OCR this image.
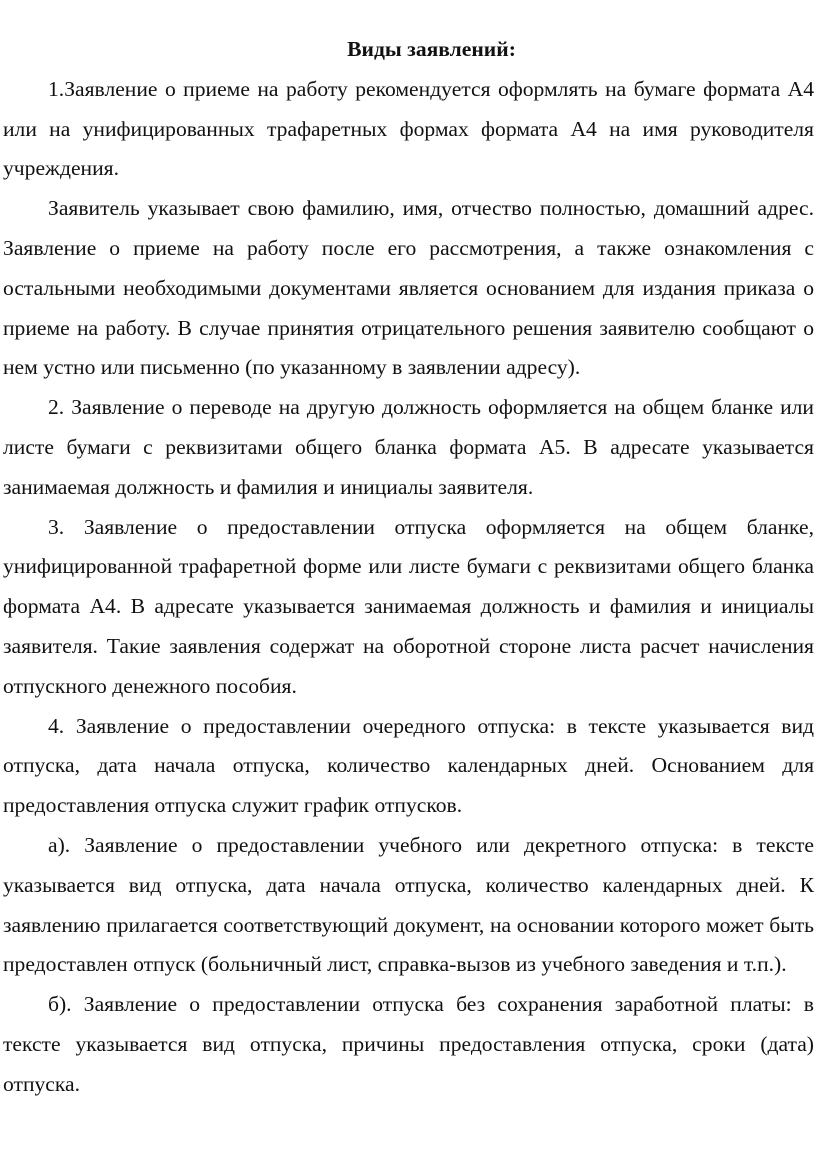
Виды заявлений:

1.Заявление о приеме на работу рекомендуется оформлять на бумаге формата А4 или на унифицированных трафаретных формах формата А4 на имя руководителя учреждения.

Заявитель указывает свою фамилию, имя, отчество полностью, домашний адрес. Заявление о приеме на работу после его рассмотрения, а также ознакомления с остальными необходимыми документами является основанием для издания приказа о приеме на работу. В случае принятия отрицательного решения заявителю сообщают о нем устно или письменно (по указанному в заявлении адресу).

2. Заявление о переводе на другую должность оформляется на общем бланке или листе бумаги с реквизитами общего бланка формата А5. В адресате указывается занимаемая должность и фамилия и инициалы заявителя.

3. Заявление о предоставлении отпуска оформляется на общем бланке, унифицированной трафаретной форме или листе бумаги с реквизитами общего бланка формата А4. В адресате указывается занимаемая должность и фамилия и инициалы заявителя. Такие заявления содержат на оборотной стороне листа расчет начисления отпускного денежного пособия.

4. Заявление о предоставлении очередного отпуска: в тексте указывается вид отпуска, дата начала отпуска, количество календарных дней. Основанием для предоставления отпуска служит график отпусков.

а). Заявление о предоставлении учебного или декретного отпуска: в тексте указывается вид отпуска, дата начала отпуска, количество календарных дней. К заявлению прилагается соответствующий документ, на основании которого может быть предоставлен отпуск (больничный лист, справка-вызов из учебного заведения и т.п.).

б). Заявление о предоставлении отпуска без сохранения заработной платы: в тексте указывается вид отпуска, причины предоставления отпуска, сроки (дата) отпуска.
